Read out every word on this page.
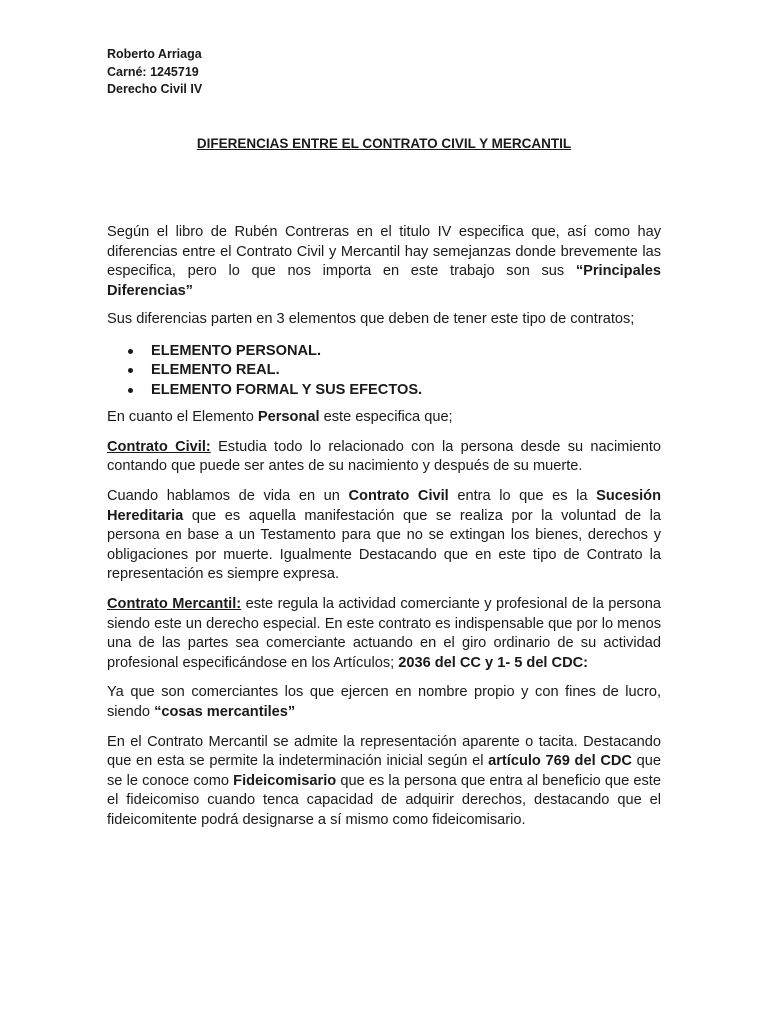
Roberto Arriaga
Carné: 1245719
Derecho Civil IV
DIFERENCIAS ENTRE EL CONTRATO CIVIL Y MERCANTIL

Según el libro de Rubén Contreras en el titulo IV especifica que, así como hay diferencias entre el Contrato Civil y Mercantil hay semejanzas donde brevemente las especifica, pero lo que nos importa en este trabajo son sus “Principales Diferencias”

Sus diferencias parten en 3 elementos que deben de tener este tipo de contratos;

ELEMENTO PERSONAL.
ELEMENTO REAL.
ELEMENTO FORMAL Y SUS EFECTOS.

En cuanto el Elemento Personal este especifica que;

Contrato Civil: Estudia todo lo relacionado con la persona desde su nacimiento contando que puede ser antes de su nacimiento y después de su muerte.

Cuando hablamos de vida en un Contrato Civil entra lo que es la Sucesión Hereditaria que es aquella manifestación que se realiza por la voluntad de la persona en base a un Testamento para que no se extingan los bienes, derechos y obligaciones por muerte. Igualmente Destacando que en este tipo de Contrato la representación es siempre expresa.

Contrato Mercantil: este regula la actividad comerciante y profesional de la persona siendo este un derecho especial. En este contrato es indispensable que por lo menos una de las partes sea comerciante actuando en el giro ordinario de su actividad profesional especificándose en los Artículos; 2036 del CC y 1- 5 del CDC:

Ya que son comerciantes los que ejercen en nombre propio y con fines de lucro, siendo “cosas mercantiles”

En el Contrato Mercantil se admite la representación aparente o tacita. Destacando que en esta se permite la indeterminación inicial según el artículo 769 del CDC que se le conoce como Fideicomisario que es la persona que entra al beneficio que este el fideicomiso cuando tenca capacidad de adquirir derechos, destacando que el fideicomitente podrá designarse a sí mismo como fideicomisario.
